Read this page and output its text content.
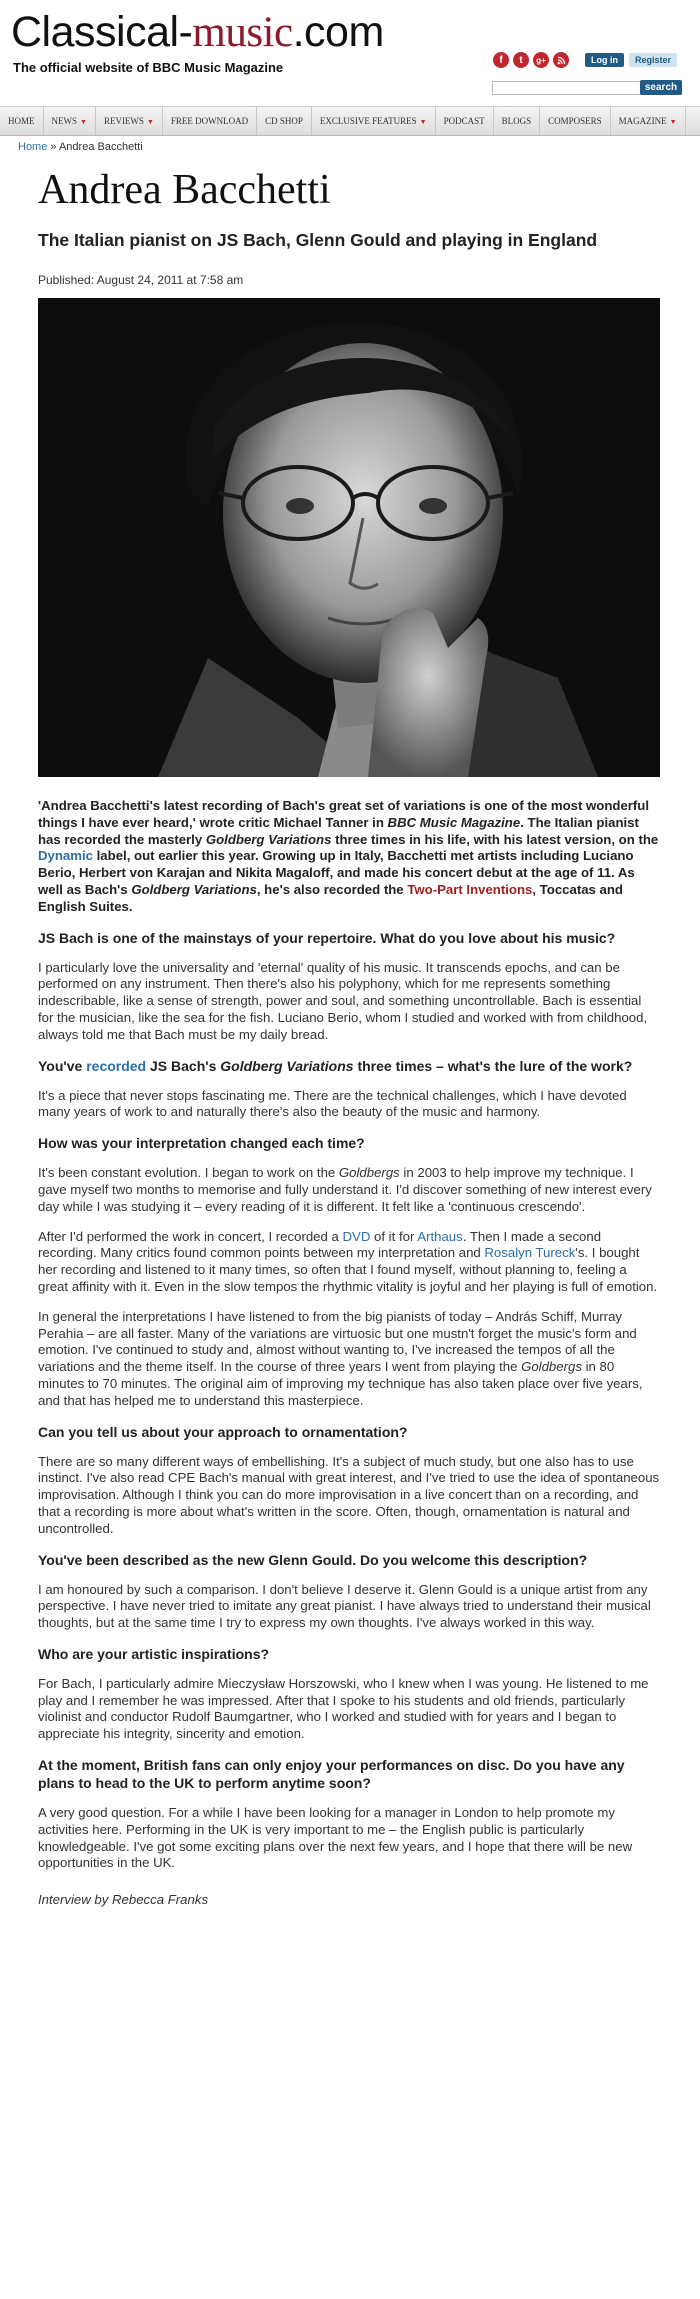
Classical-music.com
The official website of BBC Music Magazine	f	t	g+	Log in	Register
search
HOME	NEWS ▼	REVIEWS ▼	FREE DOWNLOAD	CD SHOP	EXCLUSIVE FEATURES ▼	PODCAST	BLOGS	COMPOSERS	MAGAZINE ▼
Home » Andrea Bacchetti
Andrea Bacchetti
The Italian pianist on JS Bach, Glenn Gould and playing in England
Published: August 24, 2011 at 7:58 am

'Andrea Bacchetti's latest recording of Bach's great set of variations is one of the most wonderful things I have ever heard,' wrote critic Michael Tanner in BBC Music Magazine. The Italian pianist has recorded the masterly Goldberg Variations three times in his life, with his latest version, on the Dynamic label, out earlier this year. Growing up in Italy, Bacchetti met artists including Luciano Berio, Herbert von Karajan and Nikita Magaloff, and made his concert debut at the age of 11. As well as Bach's Goldberg Variations, he's also recorded the Two-Part Inventions, Toccatas and English Suites.

JS Bach is one of the mainstays of your repertoire. What do you love about his music?

I particularly love the universality and 'eternal' quality of his music. It transcends epochs, and can be performed on any instrument. Then there's also his polyphony, which for me represents something indescribable, like a sense of strength, power and soul, and something uncontrollable. Bach is essential for the musician, like the sea for the fish. Luciano Berio, whom I studied and worked with from childhood, always told me that Bach must be my daily bread.

You've recorded JS Bach's Goldberg Variations three times – what's the lure of the work?

It's a piece that never stops fascinating me. There are the technical challenges, which I have devoted many years of work to and naturally there's also the beauty of the music and harmony.

How was your interpretation changed each time?

It's been constant evolution. I began to work on the Goldbergs in 2003 to help improve my technique. I gave myself two months to memorise and fully understand it. I'd discover something of new interest every day while I was studying it – every reading of it is different. It felt like a 'continuous crescendo'.

After I'd performed the work in concert, I recorded a DVD of it for Arthaus. Then I made a second recording. Many critics found common points between my interpretation and Rosalyn Tureck's. I bought her recording and listened to it many times, so often that I found myself, without planning to, feeling a great affinity with it. Even in the slow tempos the rhythmic vitality is joyful and her playing is full of emotion.

In general the interpretations I have listened to from the big pianists of today – András Schiff, Murray Perahia – are all faster. Many of the variations are virtuosic but one mustn't forget the music's form and emotion. I've continued to study and, almost without wanting to, I've increased the tempos of all the variations and the theme itself. In the course of three years I went from playing the Goldbergs in 80 minutes to 70 minutes. The original aim of improving my technique has also taken place over five years, and that has helped me to understand this masterpiece.

Can you tell us about your approach to ornamentation?

There are so many different ways of embellishing. It's a subject of much study, but one also has to use instinct. I've also read CPE Bach's manual with great interest, and I've tried to use the idea of spontaneous improvisation. Although I think you can do more improvisation in a live concert than on a recording, and that a recording is more about what's written in the score. Often, though, ornamentation is natural and uncontrolled.

You've been described as the new Glenn Gould. Do you welcome this description?

I am honoured by such a comparison. I don't believe I deserve it. Glenn Gould is a unique artist from any perspective. I have never tried to imitate any great pianist. I have always tried to understand their musical thoughts, but at the same time I try to express my own thoughts. I've always worked in this way.

Who are your artistic inspirations?

For Bach, I particularly admire Mieczysław Horszowski, who I knew when I was young. He listened to me play and I remember he was impressed. After that I spoke to his students and old friends, particularly violinist and conductor Rudolf Baumgartner, who I worked and studied with for years and I began to appreciate his integrity, sincerity and emotion.

At the moment, British fans can only enjoy your performances on disc. Do you have any plans to head to the UK to perform anytime soon?

A very good question. For a while I have been looking for a manager in London to help promote my activities here. Performing in the UK is very important to me – the English public is particularly knowledgeable. I've got some exciting plans over the next few years, and I hope that there will be new opportunities in the UK.

Interview by Rebecca Franks
